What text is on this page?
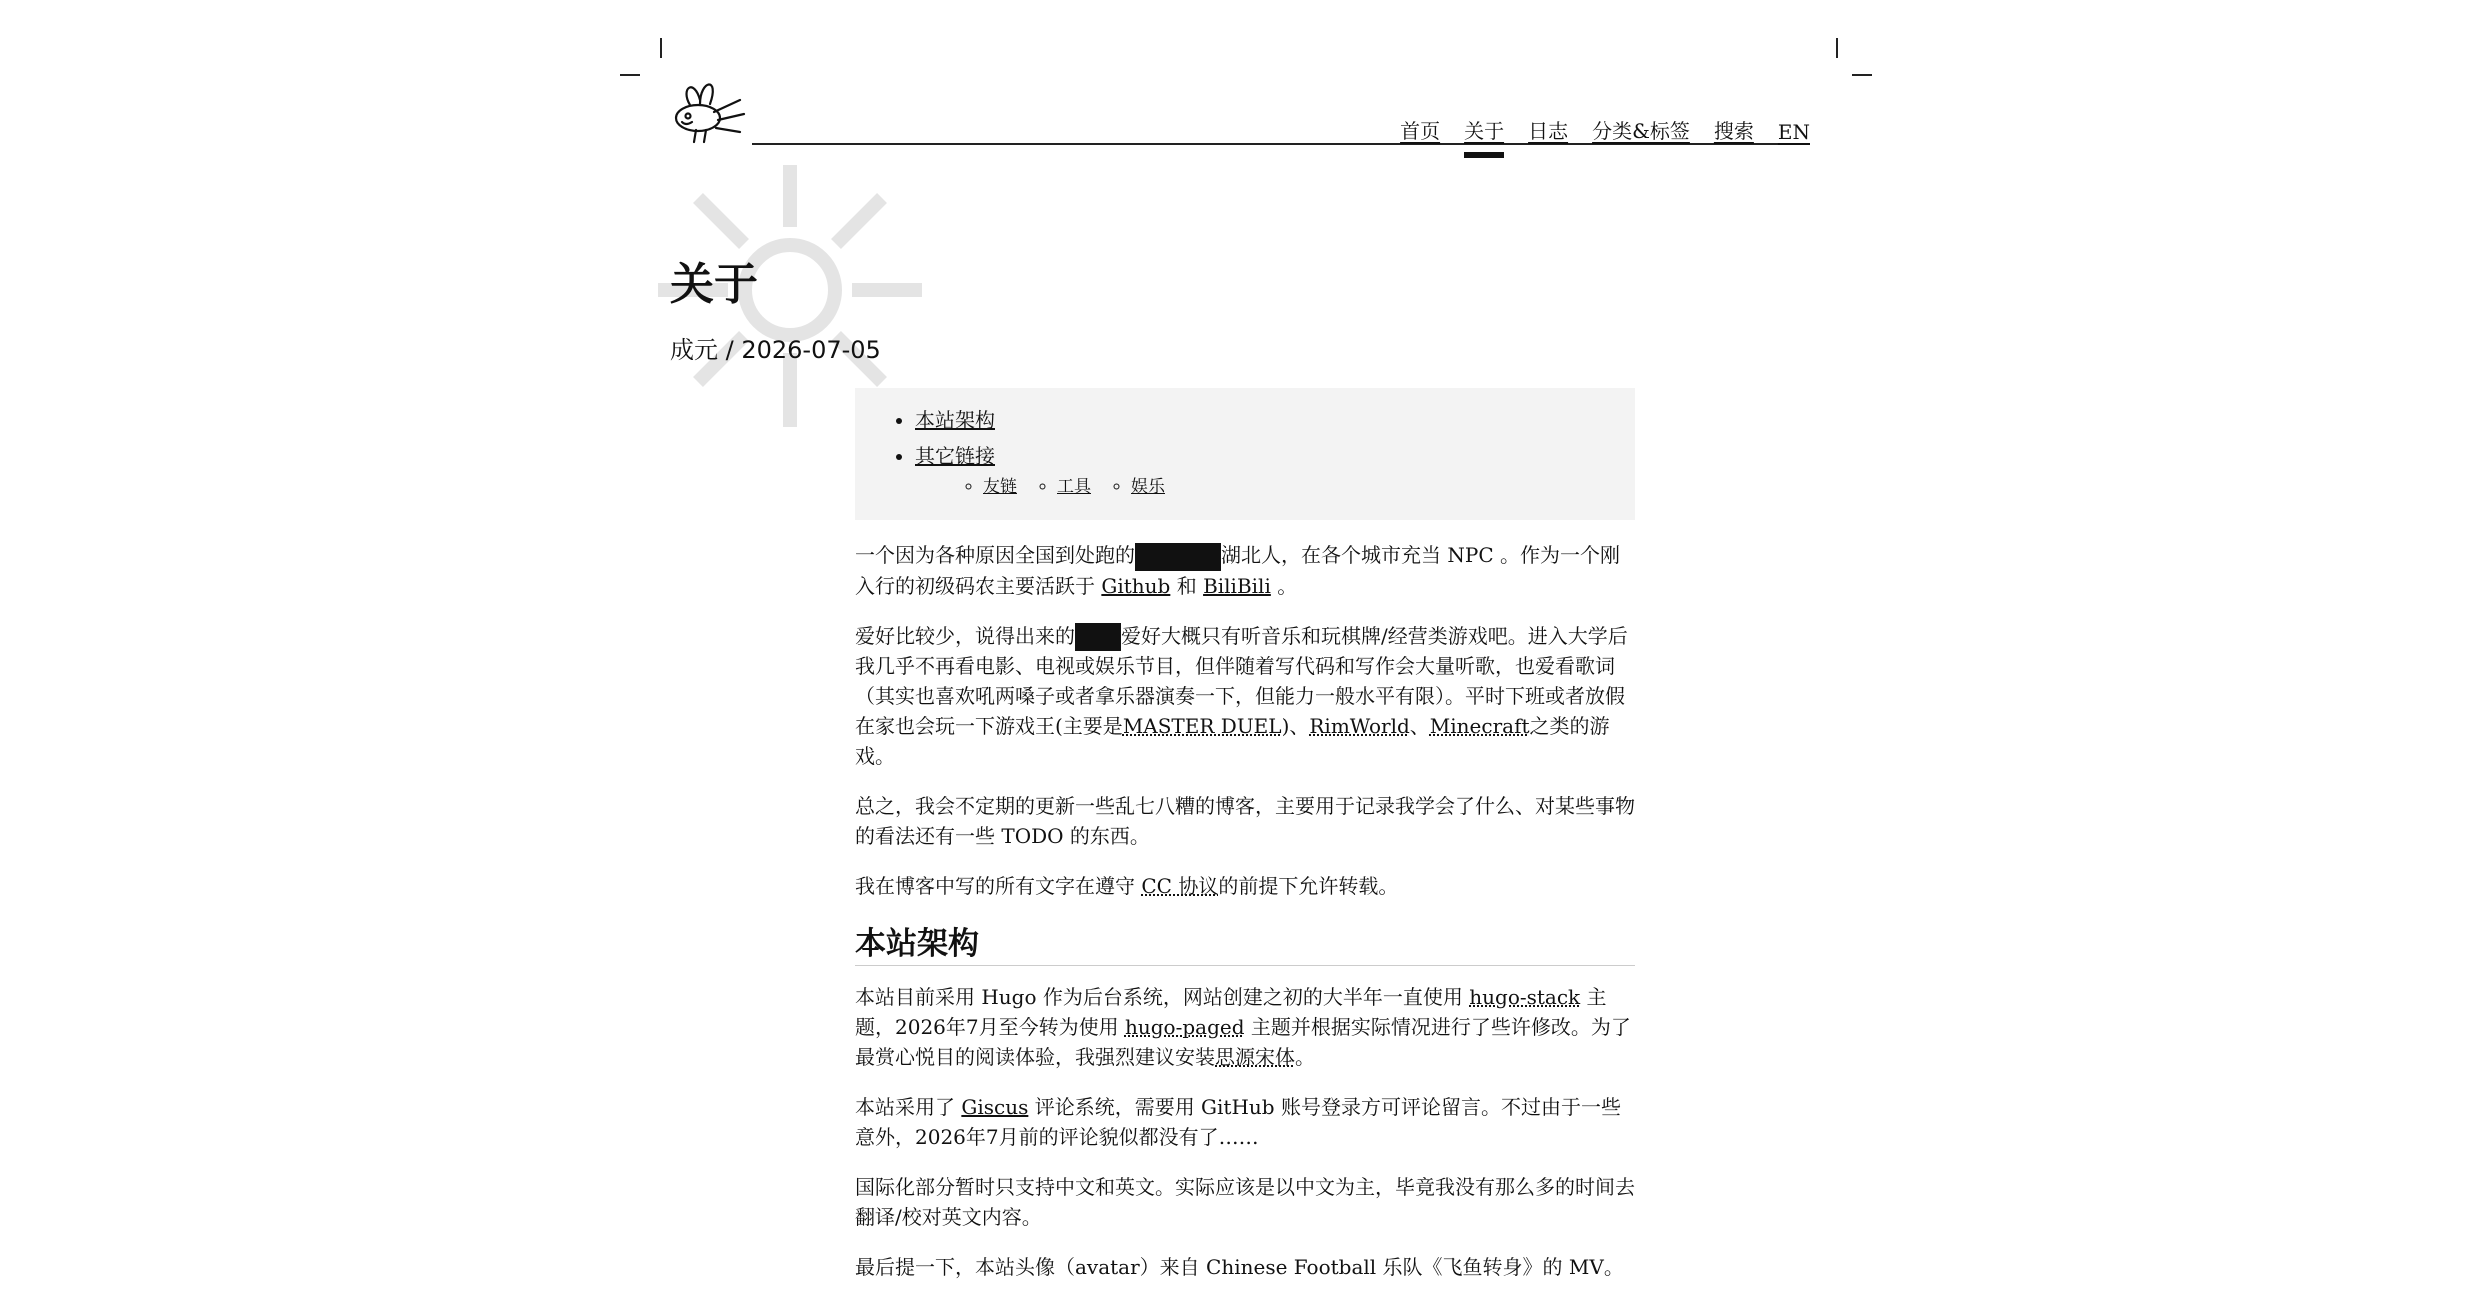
首页 关于 日志 分类&标签 搜索 EN
关于
成元 / 2026-07-05
• 本站架构
• 其它链接
◦ 友链 ◦ 工具 ◦ 娱乐

一个因为各种原因全国到处跑的	湖北人，在各个城市充当 NPC 。作为一个刚入行的初级码农主要活跃于 Github 和 BiliBili 。

爱好比较少，说得出来的 爱好大概只有听音乐和玩棋牌/经营类游戏吧。进入大学后我几乎不再看电影、电视或娱乐节目，但伴随着写代码和写作会大量听歌，也爱看歌词（其实也喜欢吼两嗓子或者拿乐器演奏一下，但能力一般水平有限）。平时下班或者放假在家也会玩一下游戏王(主要是MASTER DUEL)、RimWorld、Minecraft之类的游戏。

总之，我会不定期的更新一些乱七八糟的博客，主要用于记录我学会了什么、对某些事物的看法还有一些 TODO 的东西。

我在博客中写的所有文字在遵守 CC 协议的前提下允许转载。

本站架构

本站目前采用 Hugo 作为后台系统，网站创建之初的大半年一直使用 hugo-stack 主题，2026年7月至今转为使用 hugo-paged 主题并根据实际情况进行了些许修改。为了最赏心悦目的阅读体验，我强烈建议安装思源宋体。

本站采用了 Giscus 评论系统，需要用 GitHub 账号登录方可评论留言。不过由于一些意外，2026年7月前的评论貌似都没有了……

国际化部分暂时只支持中文和英文。实际应该是以中文为主，毕竟我没有那么多的时间去翻译/校对英文内容。

最后提一下，本站头像（avatar）来自 Chinese Football 乐队《飞鱼转身》的 MV。
